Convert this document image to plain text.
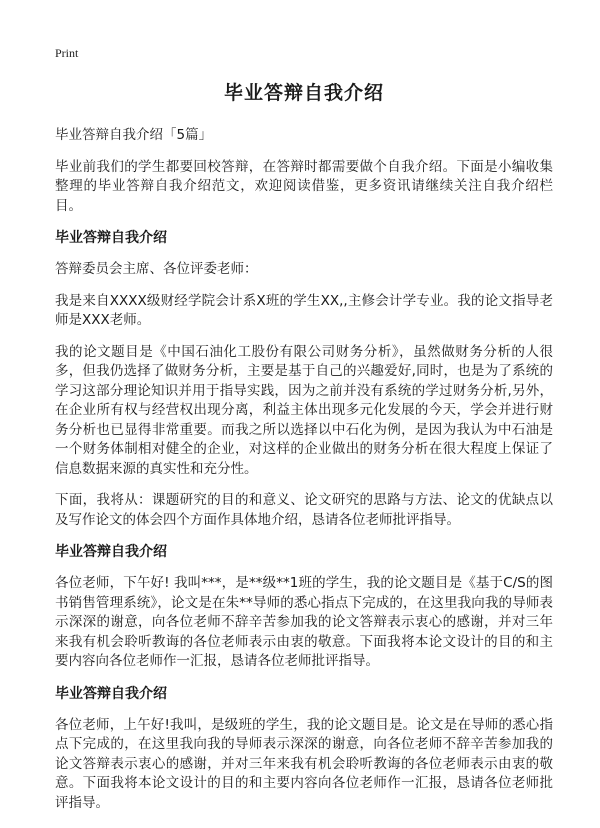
Print
毕业答辩自我介绍

毕业答辩自我介绍「5篇」

毕业前我们的学生都要回校答辩，在答辩时都需要做个自我介绍。下面是小编收集整理的毕业答辩自我介绍范文，欢迎阅读借鉴，更多资讯请继续关注自我介绍栏目。

毕业答辩自我介绍

答辩委员会主席、各位评委老师：

我是来自XXXX级财经学院会计系X班的学生XX,,主修会计学专业。我的论文指导老师是XXX老师。

我的论文题目是《中国石油化工股份有限公司财务分析》，虽然做财务分析的人很多，但我仍选择了做财务分析，主要是基于自己的兴趣爱好,同时，也是为了系统的学习这部分理论知识并用于指导实践，因为之前并没有系统的学过财务分析,另外，在企业所有权与经营权出现分离，利益主体出现多元化发展的今天，学会并进行财务分析也已显得非常重要。而我之所以选择以中石化为例，是因为我认为中石油是一个财务体制相对健全的企业，对这样的企业做出的财务分析在很大程度上保证了信息数据来源的真实性和充分性。

下面，我将从：课题研究的目的和意义、论文研究的思路与方法、论文的优缺点以及写作论文的体会四个方面作具体地介绍，恳请各位老师批评指导。

毕业答辩自我介绍

各位老师，下午好! 我叫***，是**级**1班的学生，我的论文题目是《基于C/S的图书销售管理系统》，论文是在朱**导师的悉心指点下完成的，在这里我向我的导师表示深深的谢意，向各位老师不辞辛苦参加我的论文答辩表示衷心的感谢，并对三年来我有机会聆听教诲的各位老师表示由衷的敬意。下面我将本论文设计的目的和主要内容向各位老师作一汇报，恳请各位老师批评指导。

毕业答辩自我介绍

各位老师，上午好!我叫，是级班的学生，我的论文题目是。论文是在导师的悉心指点下完成的，在这里我向我的导师表示深深的谢意，向各位老师不辞辛苦参加我的论文答辩表示衷心的感谢，并对三年来我有机会聆听教诲的各位老师表示由衷的敬意。下面我将本论文设计的目的和主要内容向各位老师作一汇报，恳请各位老师批评指导。
